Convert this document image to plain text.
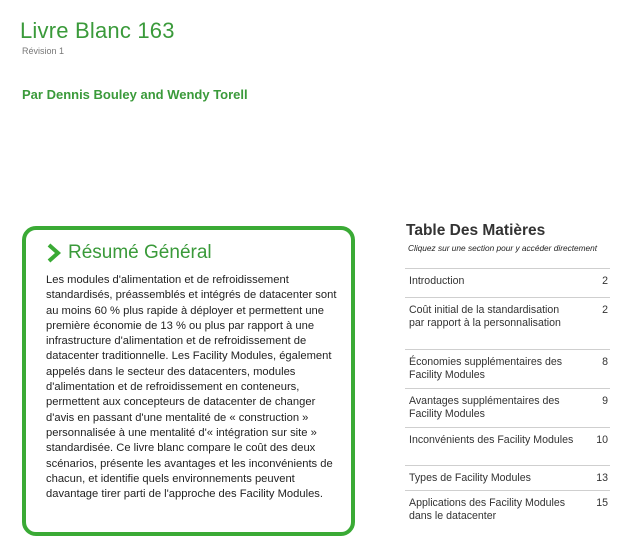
Livre Blanc 163
Révision 1
Par Dennis Bouley and Wendy Torell
Résumé Général
Les modules d'alimentation et de refroidissement standardisés, préassemblés et intégrés de datacenter sont au moins 60 % plus rapide à déployer et permettent une première économie de 13 % ou plus par rapport à une infrastructure d'alimentation et de refroidissement de datacenter traditionnelle. Les Facility Modules, également appelés dans le secteur des datacenters, modules d'alimentation et de refroidissement en conteneurs, permettent aux concepteurs de datacenter de changer d'avis en passant d'une mentalité de « construction » personnalisée à une mentalité d'« intégration sur site » standardisée. Ce livre blanc compare le coût des deux scénarios, présente les avantages et les inconvénients de chacun, et identifie quels environnements peuvent davantage tirer parti de l'approche des Facility Modules.
Table Des Matières
Cliquez sur une section pour y accéder directement
Introduction	2
Coût initial de la standardisation par rapport à la personnalisation
2
Économies supplémentaires des Facility Modules
8
Avantages supplémentaires des Facility Modules
9
Inconvénients des Facility Modules 10
Types de Facility Modules	13
Applications des Facility Modules dans le datacenter
15
